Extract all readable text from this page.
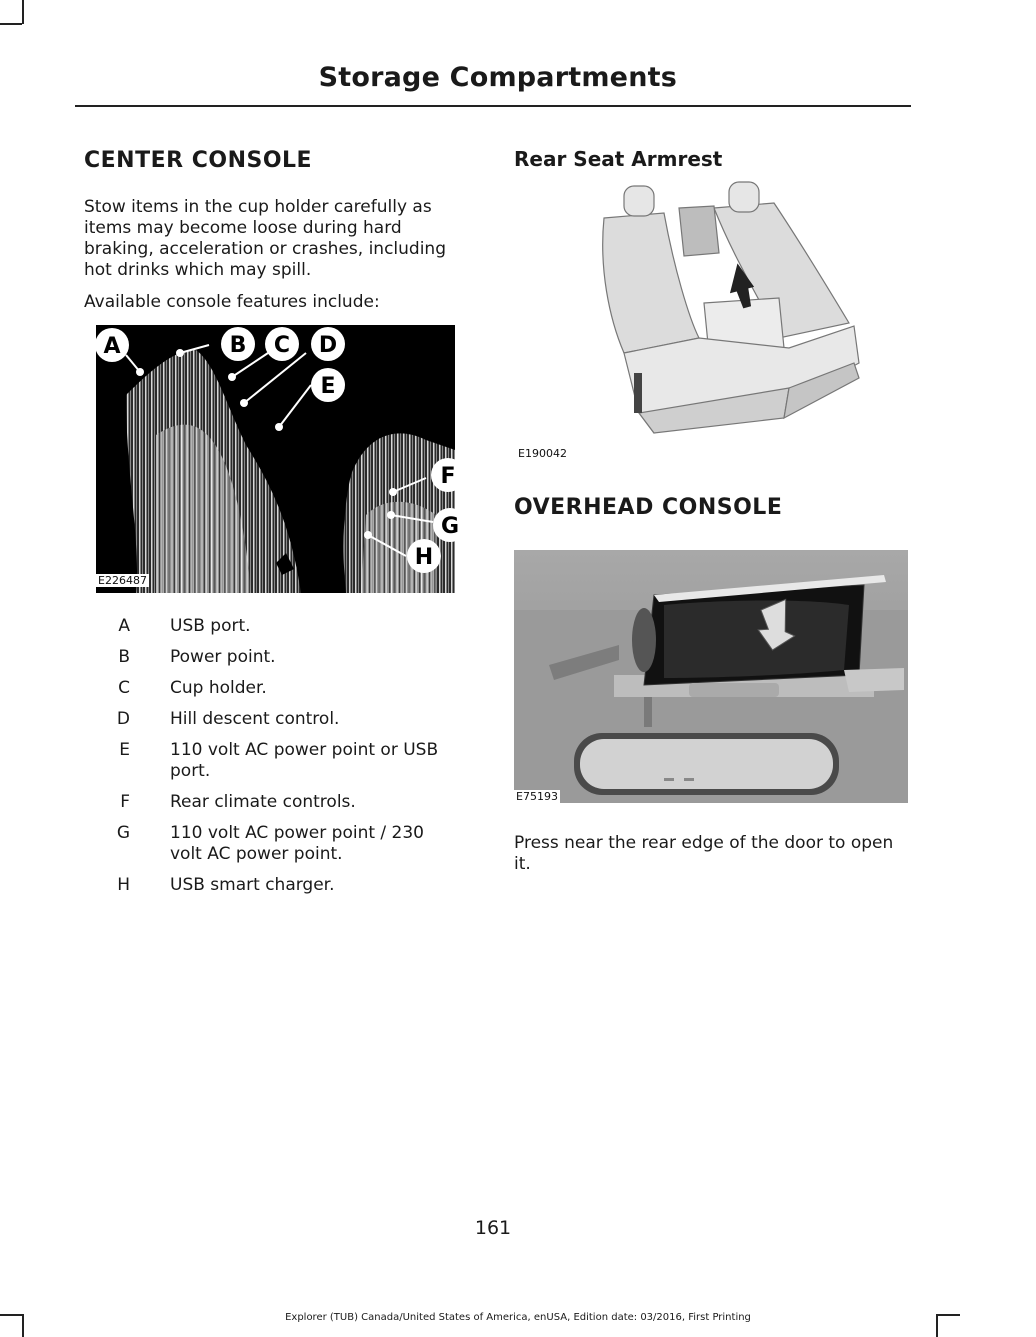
Storage Compartments
CENTER CONSOLE
Stow items in the cup holder carefully as items may become loose during hard braking, acceleration or crashes, including hot drinks which may spill.
Available console features include:
A	B C D
E
F
G
H
E226487
A USB port.
B Power point.
C Cup holder.
D Hill descent control.
E 110 volt AC power point or USB port.
F Rear climate controls.
G 110 volt AC power point / 230 volt AC power point.
H USB smart charger.
Rear Seat Armrest
E190042
OVERHEAD CONSOLE
E75193
Press near the rear edge of the door to open it.
161
Explorer (TUB) Canada/United States of America, enUSA, Edition date: 03/2016, First Printing
